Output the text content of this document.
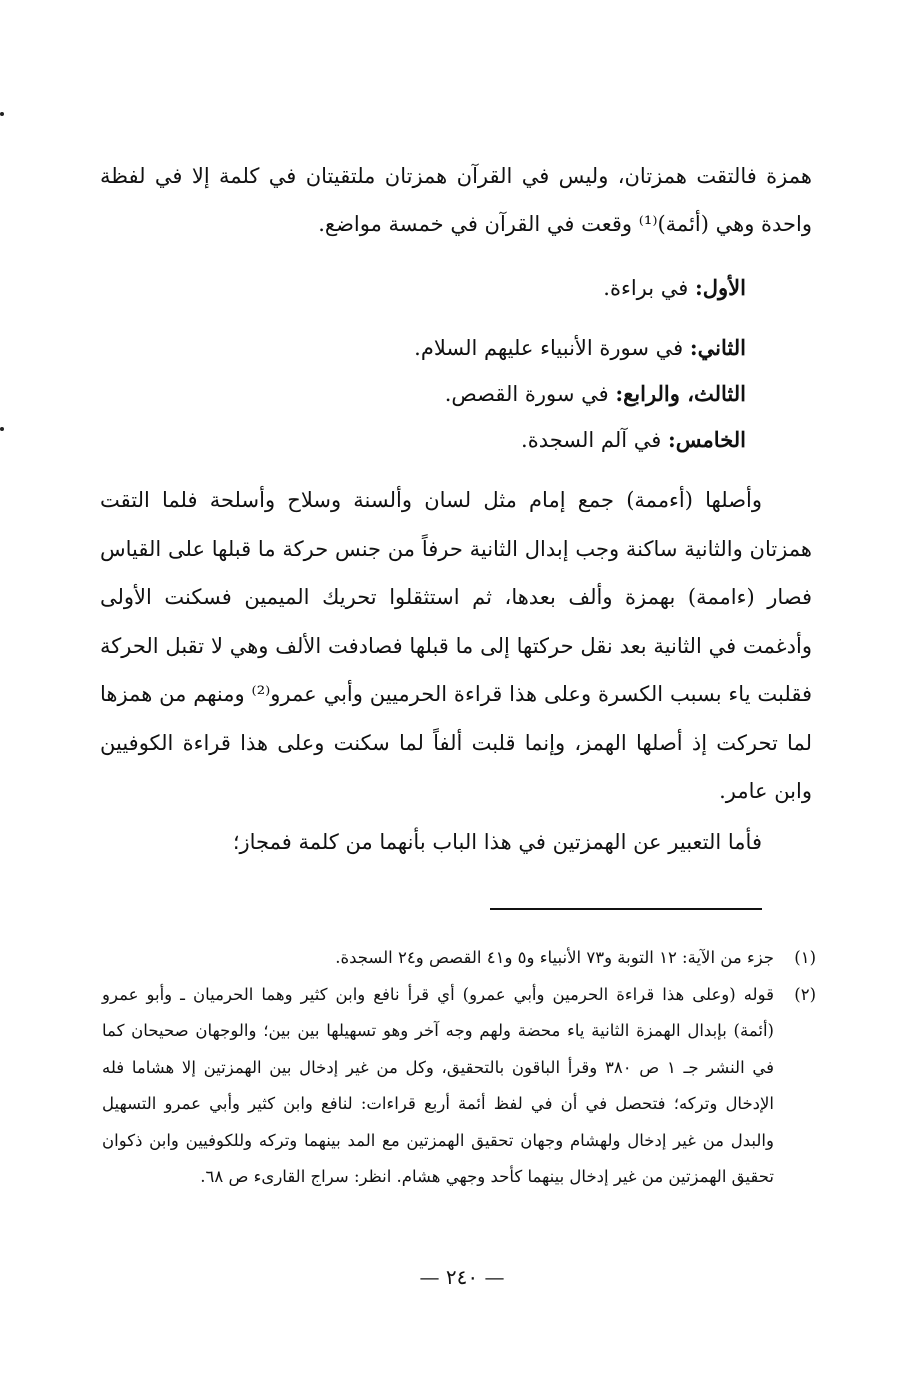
همزة فالتقت همزتان، وليس في القرآن همزتان ملتقيتان في كلمة إلا في لفظة واحدة وهي (أئمة)⁽¹⁾ وقعت في القرآن في خمسة مواضع.

الأول: في براءة.
الثاني: في سورة الأنبياء عليهم السلام.
الثالث، والرابع: في سورة القصص.
الخامس: في آلم السجدة.

وأصلها (أءممة) جمع إمام مثل لسان وألسنة وسلاح وأسلحة فلما التقت همزتان والثانية ساكنة وجب إبدال الثانية حرفاً من جنس حركة ما قبلها على القياس فصار (ءاممة) بهمزة وألف بعدها، ثم استثقلوا تحريك الميمين فسكنت الأولى وأدغمت في الثانية بعد نقل حركتها إلى ما قبلها فصادفت الألف وهي لا تقبل الحركة فقلبت ياء بسبب الكسرة وعلى هذا قراءة الحرميين وأبي عمرو⁽²⁾ ومنهم من همزها لما تحركت إذ أصلها الهمز، وإنما قلبت ألفاً لما سكنت وعلى هذا قراءة الكوفيين وابن عامر.

فأما التعبير عن الهمزتين في هذا الباب بأنهما من كلمة فمجاز؛

(١)
جزء من الآية: ١٢ التوبة و٧٣ الأنبياء و٥ و٤١ القصص و٢٤ السجدة.
(٢)
قوله (وعلى هذا قراءة الحرمين وأبي عمرو) أي قرأ نافع وابن كثير وهما الحرميان ـ وأبو عمرو (أئمة) بإبدال الهمزة الثانية ياء محضة ولهم وجه آخر وهو تسهيلها بين بين؛ والوجهان صحيحان كما في النشر جـ ١ ص ٣٨٠ وقرأ الباقون بالتحقيق، وكل من غير إدخال بين الهمزتين إلا هشاما فله الإدخال وتركه؛ فتحصل في أن في لفظ أئمة أربع قراءات: لنافع وابن كثير وأبي عمرو التسهيل والبدل من غير إدخال ولهشام وجهان تحقيق الهمزتين مع المد بينهما وتركه وللكوفيين وابن ذكوان تحقيق الهمزتين من غير إدخال بينهما كأحد وجهي هشام. انظر: سراج القارىء ص ٦٨.
— ٢٤٠ —
